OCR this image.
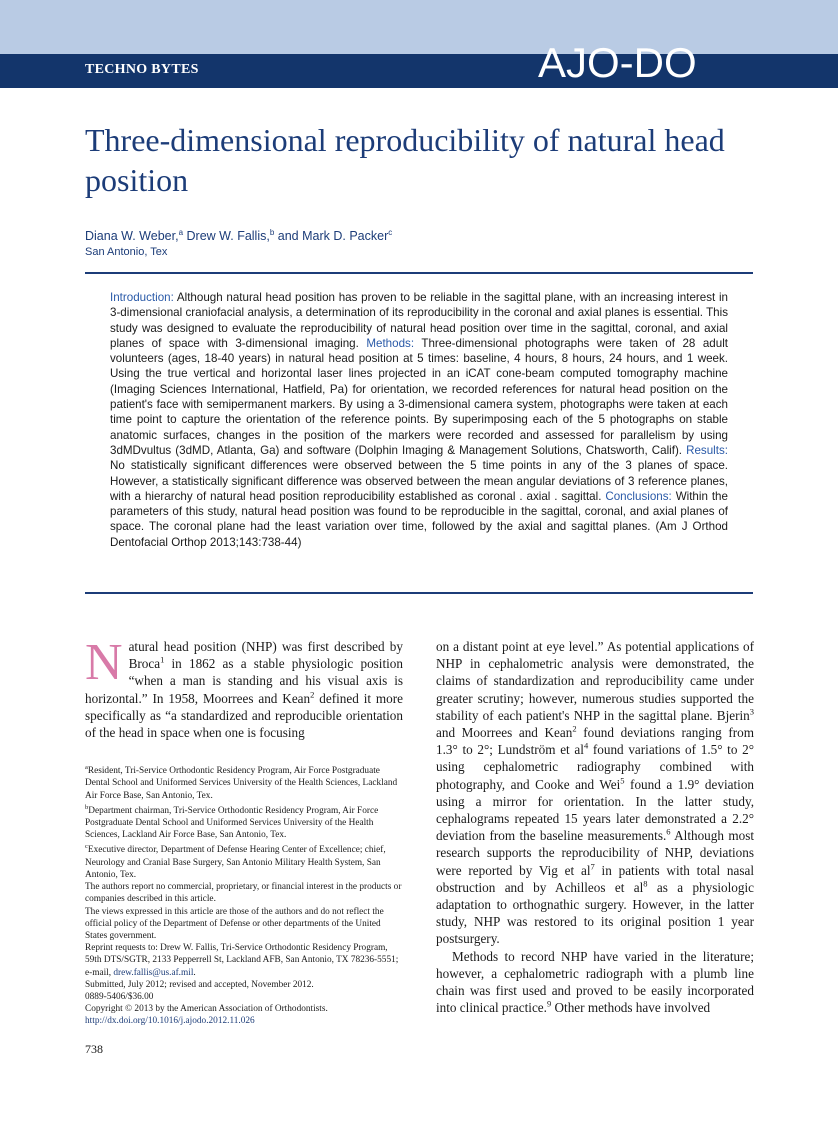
TECHNO BYTES	AJO-DO
Three-dimensional reproducibility of natural head position
Diana W. Weber,$^a$ Drew W. Fallis,$^b$ and Mark D. Packer$^c$
San Antonio, Tex
Introduction: Although natural head position has proven to be reliable in the sagittal plane, with an increasing interest in 3-dimensional craniofacial analysis, a determination of its reproducibility in the coronal and axial planes is essential. This study was designed to evaluate the reproducibility of natural head position over time in the sagittal, coronal, and axial planes of space with 3-dimensional imaging. Methods: Three-dimensional photographs were taken of 28 adult volunteers (ages, 18-40 years) in natural head position at 5 times: baseline, 4 hours, 8 hours, 24 hours, and 1 week. Using the true vertical and horizontal laser lines projected in an iCAT cone-beam computed tomography machine (Imaging Sciences International, Hatfield, Pa) for orientation, we recorded references for natural head position on the patient's face with semipermanent markers. By using a 3-dimensional camera system, photographs were taken at each time point to capture the orientation of the reference points. By superimposing each of the 5 photographs on stable anatomic surfaces, changes in the position of the markers were recorded and assessed for parallelism by using 3dMDvultus (3dMD, Atlanta, Ga) and software (Dolphin Imaging & Management Solutions, Chatsworth, Calif). Results: No statistically significant differences were observed between the 5 time points in any of the 3 planes of space. However, a statistically significant difference was observed between the mean angular deviations of 3 reference planes, with a hierarchy of natural head position reproducibility established as coronal . axial . sagittal. Conclusions: Within the parameters of this study, natural head position was found to be reproducible in the sagittal, coronal, and axial planes of space. The coronal plane had the least variation over time, followed by the axial and sagittal planes. (Am J Orthod Dentofacial Orthop 2013;143:738-44)

Natural head position (NHP) was first described by Broca$^1$ in 1862 as a stable physiologic position “when a man is standing and his visual axis is horizontal.” In 1958, Moorrees and Kean$^2$ defined it more specifically as “a standardized and reproducible orientation of the head in space when one is focusing

$^a$Resident, Tri-Service Orthodontic Residency Program, Air Force Postgraduate Dental School and Uniformed Services University of the Health Sciences, Lackland Air Force Base, San Antonio, Tex.
$^b$Department chairman, Tri-Service Orthodontic Residency Program, Air Force Postgraduate Dental School and Uniformed Services University of the Health Sciences, Lackland Air Force Base, San Antonio, Tex.
$^c$Executive director, Department of Defense Hearing Center of Excellence; chief, Neurology and Cranial Base Surgery, San Antonio Military Health System, San Antonio, Tex.
The authors report no commercial, proprietary, or financial interest in the products or companies described in this article.
The views expressed in this article are those of the authors and do not reflect the official policy of the Department of Defense or other departments of the United States government.
Reprint requests to: Drew W. Fallis, Tri-Service Orthodontic Residency Program, 59th DTS/SGTR, 2133 Pepperrell St, Lackland AFB, San Antonio, TX 78236-5551; e-mail, drew.fallis@us.af.mil.
Submitted, July 2012; revised and accepted, November 2012.
0889-5406/$36.00
Copyright © 2013 by the American Association of Orthodontists.
http://dx.doi.org/10.1016/j.ajodo.2012.11.026

on a distant point at eye level.” As potential applications of NHP in cephalometric analysis were demonstrated, the claims of standardization and reproducibility came under greater scrutiny; however, numerous studies supported the stability of each patient's NHP in the sagittal plane. Bjerin$^3$ and Moorrees and Kean$^2$ found deviations ranging from 1.3° to 2°; Lundström et $al^4$ found variations of 1.5° to 2° using cephalometric radiography combined with photography, and Cooke and Wei$^5$ found a 1.9° deviation using a mirror for orientation. In the latter study, cephalograms repeated 15 years later demonstrated a 2.2° deviation from the baseline measurements.$^6$ Although most research supports the reproducibility of NHP, deviations were reported by Vig et $al^7$ in patients with total nasal obstruction and by Achilleos et $al^8$ as a physiologic adaptation to orthognathic surgery. However, in the latter study, NHP was restored to its original position 1 year postsurgery.

Methods to record NHP have varied in the literature; however, a cephalometric radiograph with a plumb line chain was first used and proved to be easily incorporated into clinical practice.$^9$ Other methods have involved

738
